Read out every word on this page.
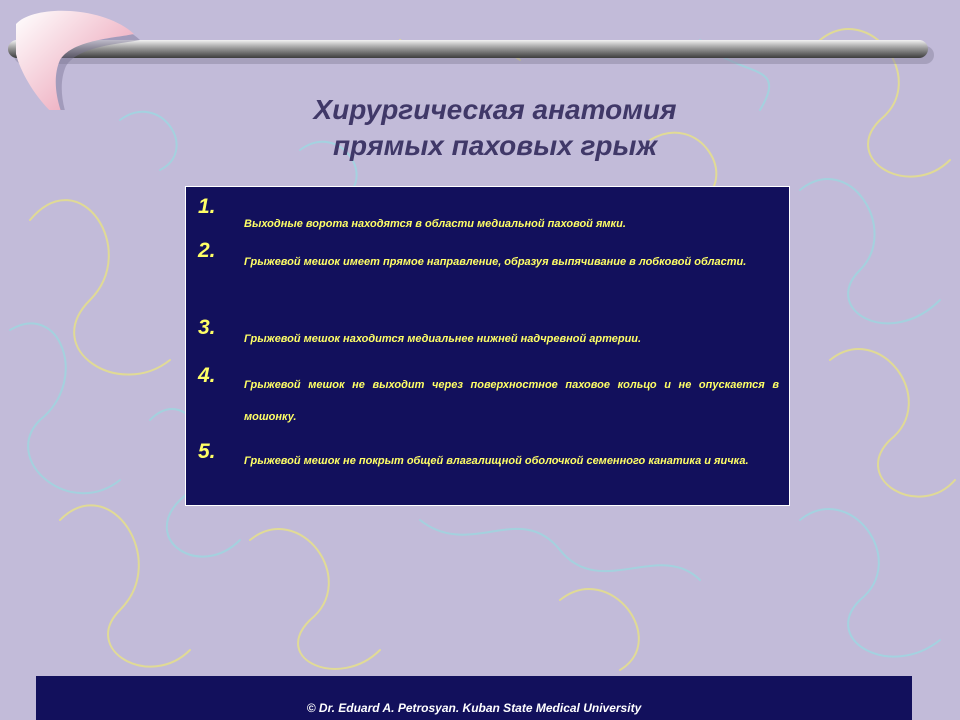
Хирургическая анатомия
прямых паховых грыж
1.
Выходные ворота находятся в области медиальной паховой ямки.
2.	Грыжевой мешок имеет прямое направление, образуя выпячивание в лобковой области.
3.	Грыжевой мешок находится медиальнее нижней надчревной артерии.
4.	Грыжевой мешок не выходит через поверхностное паховое кольцо и не опускается в мошонку.
5.	Грыжевой мешок не покрыт общей влагалищной оболочкой семенного канатика и яичка.
© Dr. Eduard A. Petrosyan. Kuban State Medical University
